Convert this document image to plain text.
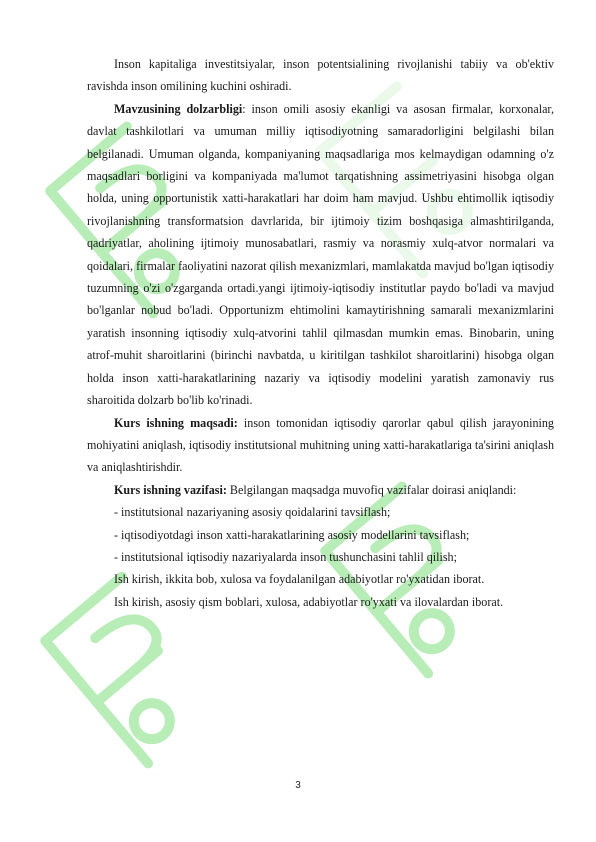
Inson kapitaliga investitsiyalar, inson potentsialining rivojlanishi tabiiy va ob'ektiv ravishda inson omilining kuchini oshiradi.

Mavzusining dolzarbligi: inson omili asosiy ekanligi va asosan firmalar, korxonalar, davlat tashkilotlari va umuman milliy iqtisodiyotning samaradorligini belgilashi bilan belgilanadi. Umuman olganda, kompaniyaning maqsadlariga mos kelmaydigan odamning o'z maqsadlari borligini va kompaniyada ma'lumot tarqatishning assimetriyasini hisobga olgan holda, uning opportunistik xatti-harakatlari har doim ham mavjud. Ushbu ehtimollik iqtisodiy rivojlanishning transformatsion davrlarida, bir ijtimoiy tizim boshqasiga almashtirilganda, qadriyatlar, aholining ijtimoiy munosabatlari, rasmiy va norasmiy xulq-atvor normalari va qoidalari, firmalar faoliyatini nazorat qilish mexanizmlari, mamlakatda mavjud bo'lgan iqtisodiy tuzumning o'zi o'zgarganda ortadi.yangi ijtimoiy-iqtisodiy institutlar paydo bo'ladi va mavjud bo'lganlar nobud bo'ladi. Opportunizm ehtimolini kamaytirishning samarali mexanizmlarini yaratish insonning iqtisodiy xulq-atvorini tahlil qilmasdan mumkin emas. Binobarin, uning atrof-muhit sharoitlarini (birinchi navbatda, u kiritilgan tashkilot sharoitlarini) hisobga olgan holda inson xatti-harakatlarining nazariy va iqtisodiy modelini yaratish zamonaviy rus sharoitida dolzarb bo'lib ko'rinadi.

Kurs ishning maqsadi: inson tomonidan iqtisodiy qarorlar qabul qilish jarayonining mohiyatini aniqlash, iqtisodiy institutsional muhitning uning xatti-harakatlariga ta'sirini aniqlash va aniqlashtirishdir.

Kurs ishning vazifasi: Belgilangan maqsadga muvofiq vazifalar doirasi aniqlandi:

- institutsional nazariyaning asosiy qoidalarini tavsiflash;

- iqtisodiyotdagi inson xatti-harakatlarining asosiy modellarini tavsiflash;

- institutsional iqtisodiy nazariyalarda inson tushunchasini tahlil qilish;

Ish kirish, ikkita bob, xulosa va foydalanilgan adabiyotlar ro'yxatidan iborat.

Ish kirish, asosiy qism boblari, xulosa, adabiyotlar ro'yxati va ilovalardan iborat.

3
